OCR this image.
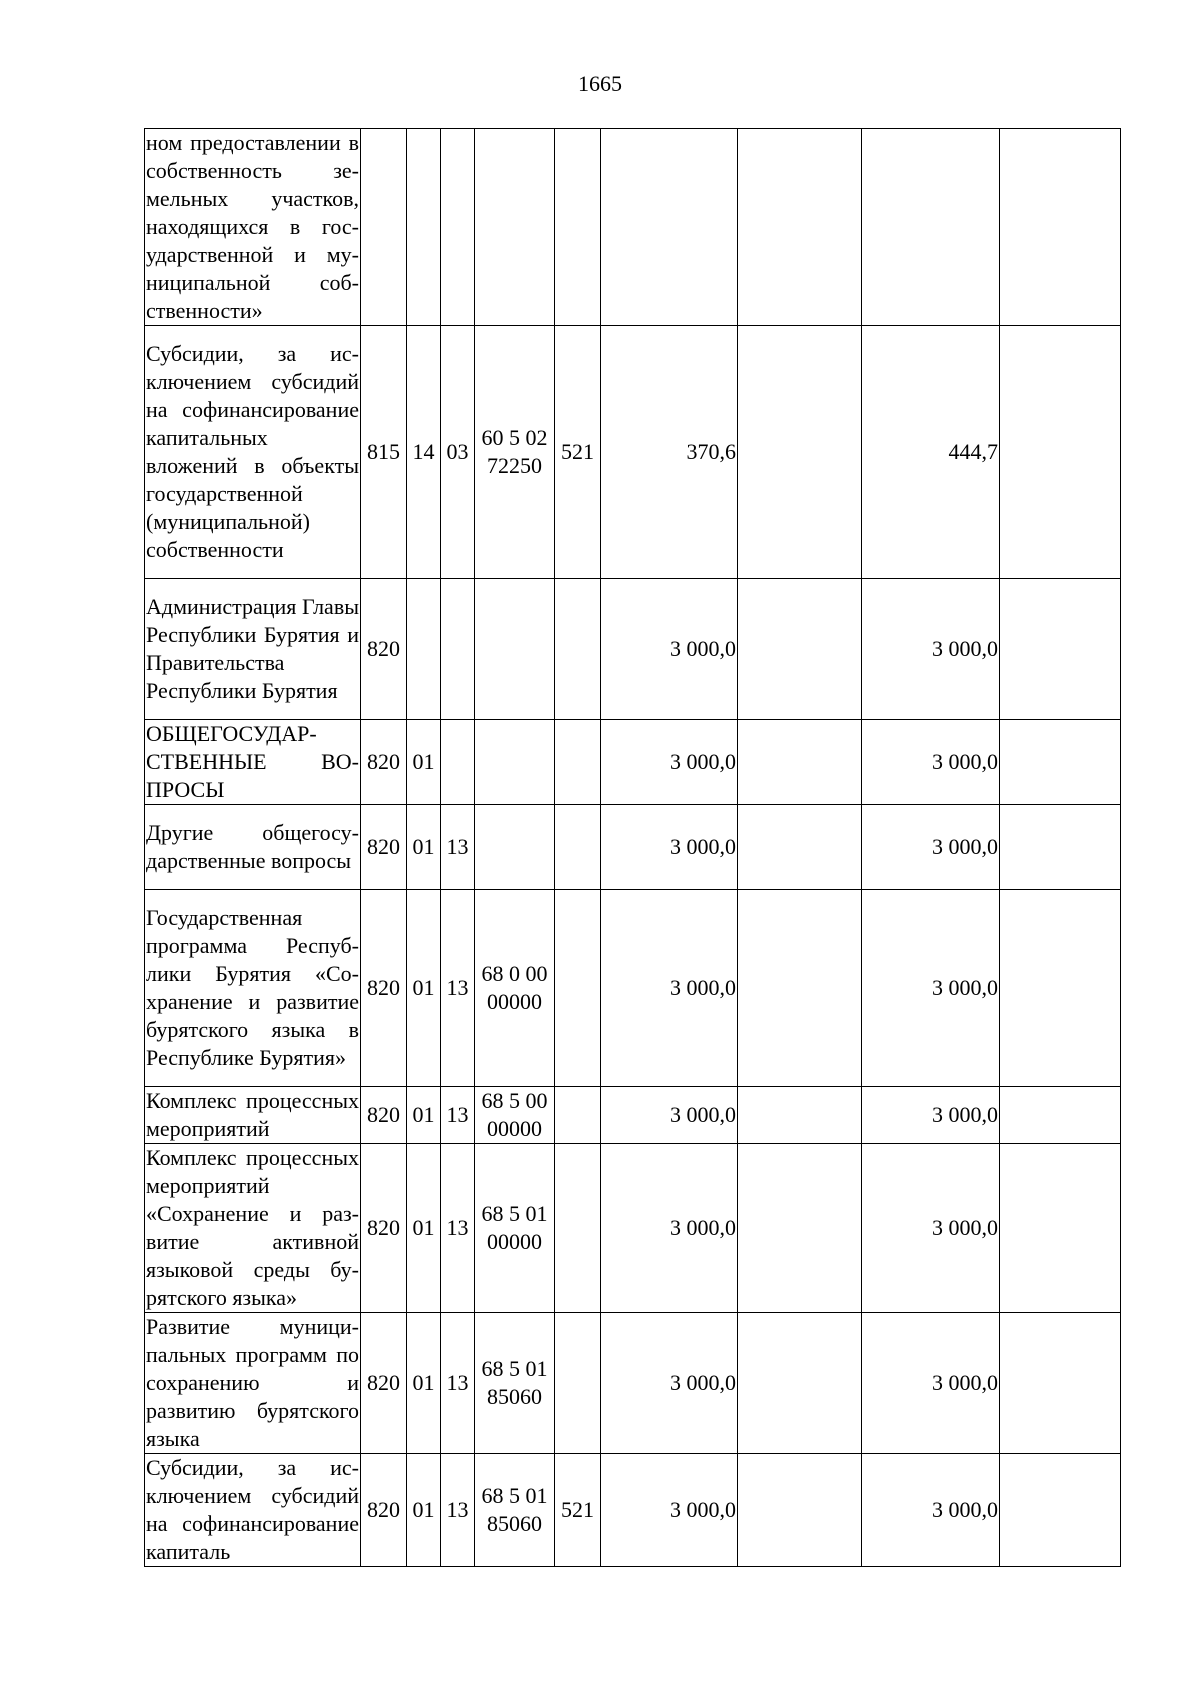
1665
ном предоставлении в собственность земельных участков, находящихся в государственной и муниципальной собственности»									
Субсидии, за исключением субсидий на софинансирование капитальных вложений в объекты государственной (муниципальной) собственности	815	14	03	60 5 02 72250	521	370,6		444,7	
Администрация Главы Республики Бурятия и Правительства Республики Бурятия	820					3 000,0		3 000,0	
ОБЩЕГОСУДАРСТВЕННЫЕ ВОПРОСЫ	820	01				3 000,0		3 000,0	
Другие общегосударственные вопросы	820	01	13			3 000,0		3 000,0	
Государственная программа Республики Бурятия «Сохранение и развитие бурятского языка в Республике Бурятия»	820	01	13	68 0 00 00000		3 000,0		3 000,0	
Комплекс процессных мероприятий	820	01	13	68 5 00 00000		3 000,0		3 000,0	
Комплекс процессных мероприятий «Сохранение и развитие активной языковой среды бурятского языка»	820	01	13	68 5 01 00000		3 000,0		3 000,0	
Развитие муниципальных программ по сохранению и развитию бурятского языка	820	01	13	68 5 01 85060		3 000,0		3 000,0	
Субсидии, за исключением субсидий на софинансирование капиталь	820	01	13	68 5 01 85060	521	3 000,0		3 000,0	
